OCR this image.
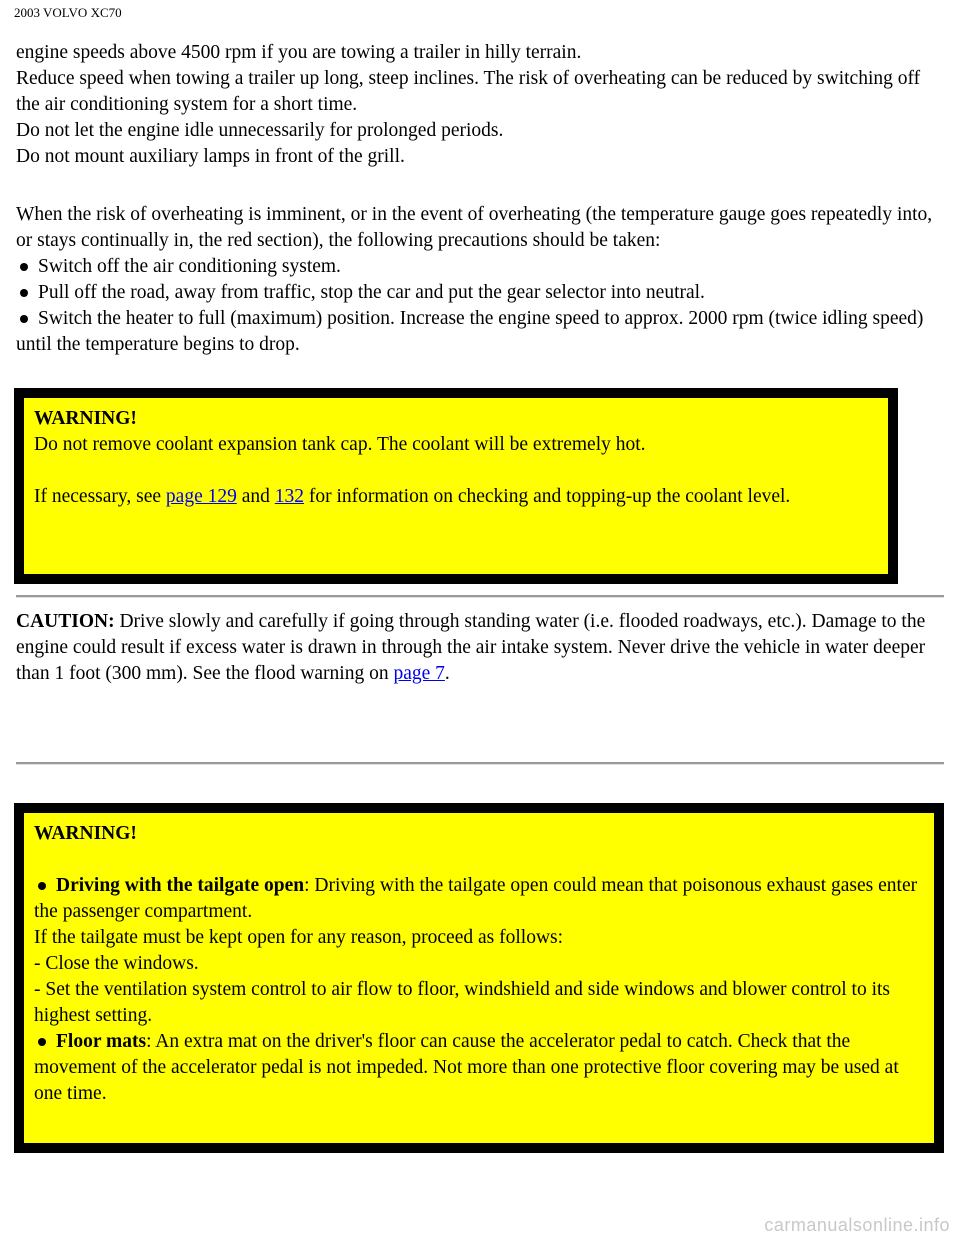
2003 VOLVO XC70

engine speeds above 4500 rpm if you are towing a trailer in hilly terrain.

Reduce speed when towing a trailer up long, steep inclines. The risk of overheating can be reduced by switching off the air conditioning system for a short time.

Do not let the engine idle unnecessarily for prolonged periods.

Do not mount auxiliary lamps in front of the grill.

When the risk of overheating is imminent, or in the event of overheating (the temperature gauge goes repeatedly into, or stays continually in, the red section), the following precautions should be taken:

Switch off the air conditioning system.

Pull off the road, away from traffic, stop the car and put the gear selector into neutral.

Switch the heater to full (maximum) position. Increase the engine speed to approx. 2000 rpm (twice idling speed) until the temperature begins to drop.

WARNING!

Do not remove coolant expansion tank cap. The coolant will be extremely hot.

If necessary, see page 129 and 132 for information on checking and topping-up the coolant level.

CAUTION: Drive slowly and carefully if going through standing water (i.e. flooded roadways, etc.). Damage to the engine could result if excess water is drawn in through the air intake system. Never drive the vehicle in water deeper than 1 foot (300 mm). See the flood warning on page 7.

WARNING!

Driving with the tailgate open: Driving with the tailgate open could mean that poisonous exhaust gases enter the passenger compartment.

If the tailgate must be kept open for any reason, proceed as follows:

- Close the windows.

- Set the ventilation system control to air flow to floor, windshield and side windows and blower control to its highest setting.

Floor mats: An extra mat on the driver's floor can cause the accelerator pedal to catch. Check that the movement of the accelerator pedal is not impeded. Not more than one protective floor covering may be used at one time.

carmanualsonline.info
